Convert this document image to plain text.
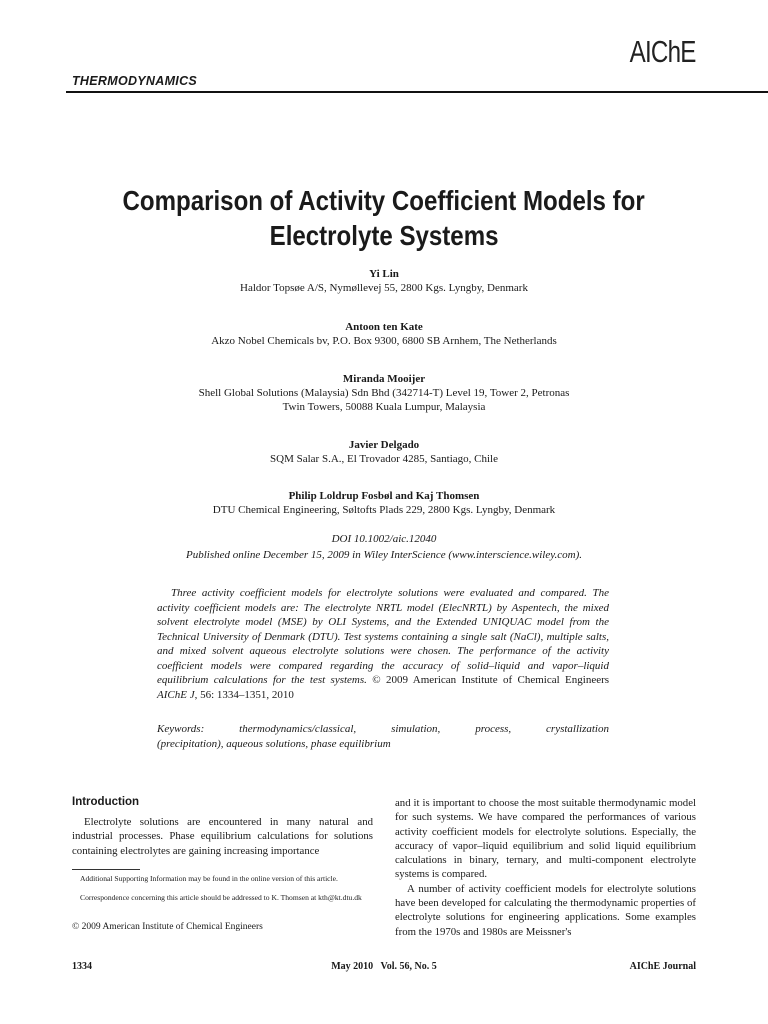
AIChE
THERMODYNAMICS
Comparison of Activity Coefficient Models for
Electrolyte Systems
Yi Lin
Haldor Topsøe A/S, Nymøllevej 55, 2800 Kgs. Lyngby, Denmark
Antoon ten Kate
Akzo Nobel Chemicals bv, P.O. Box 9300, 6800 SB Arnhem, The Netherlands
Miranda Mooijer
Shell Global Solutions (Malaysia) Sdn Bhd (342714-T) Level 19, Tower 2, Petronas
Twin Towers, 50088 Kuala Lumpur, Malaysia
Javier Delgado
SQM Salar S.A., El Trovador 4285, Santiago, Chile
Philip Loldrup Fosbøl and Kaj Thomsen
DTU Chemical Engineering, Søltofts Plads 229, 2800 Kgs. Lyngby, Denmark
DOI 10.1002/aic.12040
Published online December 15, 2009 in Wiley InterScience (www.interscience.wiley.com).
Three activity coefficient models for electrolyte solutions were evaluated and compared. The activity coefficient models are: The electrolyte NRTL model (ElecNRTL) by Aspentech, the mixed solvent electrolyte model (MSE) by OLI Systems, and the Extended UNIQUAC model from the Technical University of Denmark (DTU). Test systems containing a single salt (NaCl), multiple salts, and mixed solvent aqueous electrolyte solutions were chosen. The performance of the activity coefficient models were compared regarding the accuracy of solid–liquid and vapor–liquid equilibrium calculations for the test systems. © 2009 American Institute of Chemical Engineers AIChE J, 56: 1334–1351, 2010
Keywords:	thermodynamics/classical, simulation, process, crystallization
(precipitation), aqueous solutions, phase equilibrium
Introduction
Electrolyte solutions are encountered in many natural and industrial processes. Phase equilibrium calculations for solutions containing electrolytes are gaining increasing importance
Additional Supporting Information may be found in the online version of this article.
Correspondence concerning this article should be addressed to K. Thomsen at kth@kt.dtu.dk
© 2009 American Institute of Chemical Engineers

and it is important to choose the most suitable thermodynamic model for such systems. We have compared the performances of various activity coefficient models for electrolyte solutions. Especially, the accuracy of vapor–liquid equilibrium and solid liquid equilibrium calculations in binary, ternary, and multi-component electrolyte systems is compared.

A number of activity coefficient models for electrolyte solutions have been developed for calculating the thermodynamic properties of electrolyte solutions for engineering applications. Some examples from the 1970s and 1980s are Meissner's

1334	May 2010   Vol. 56, No. 5	AIChE Journal
